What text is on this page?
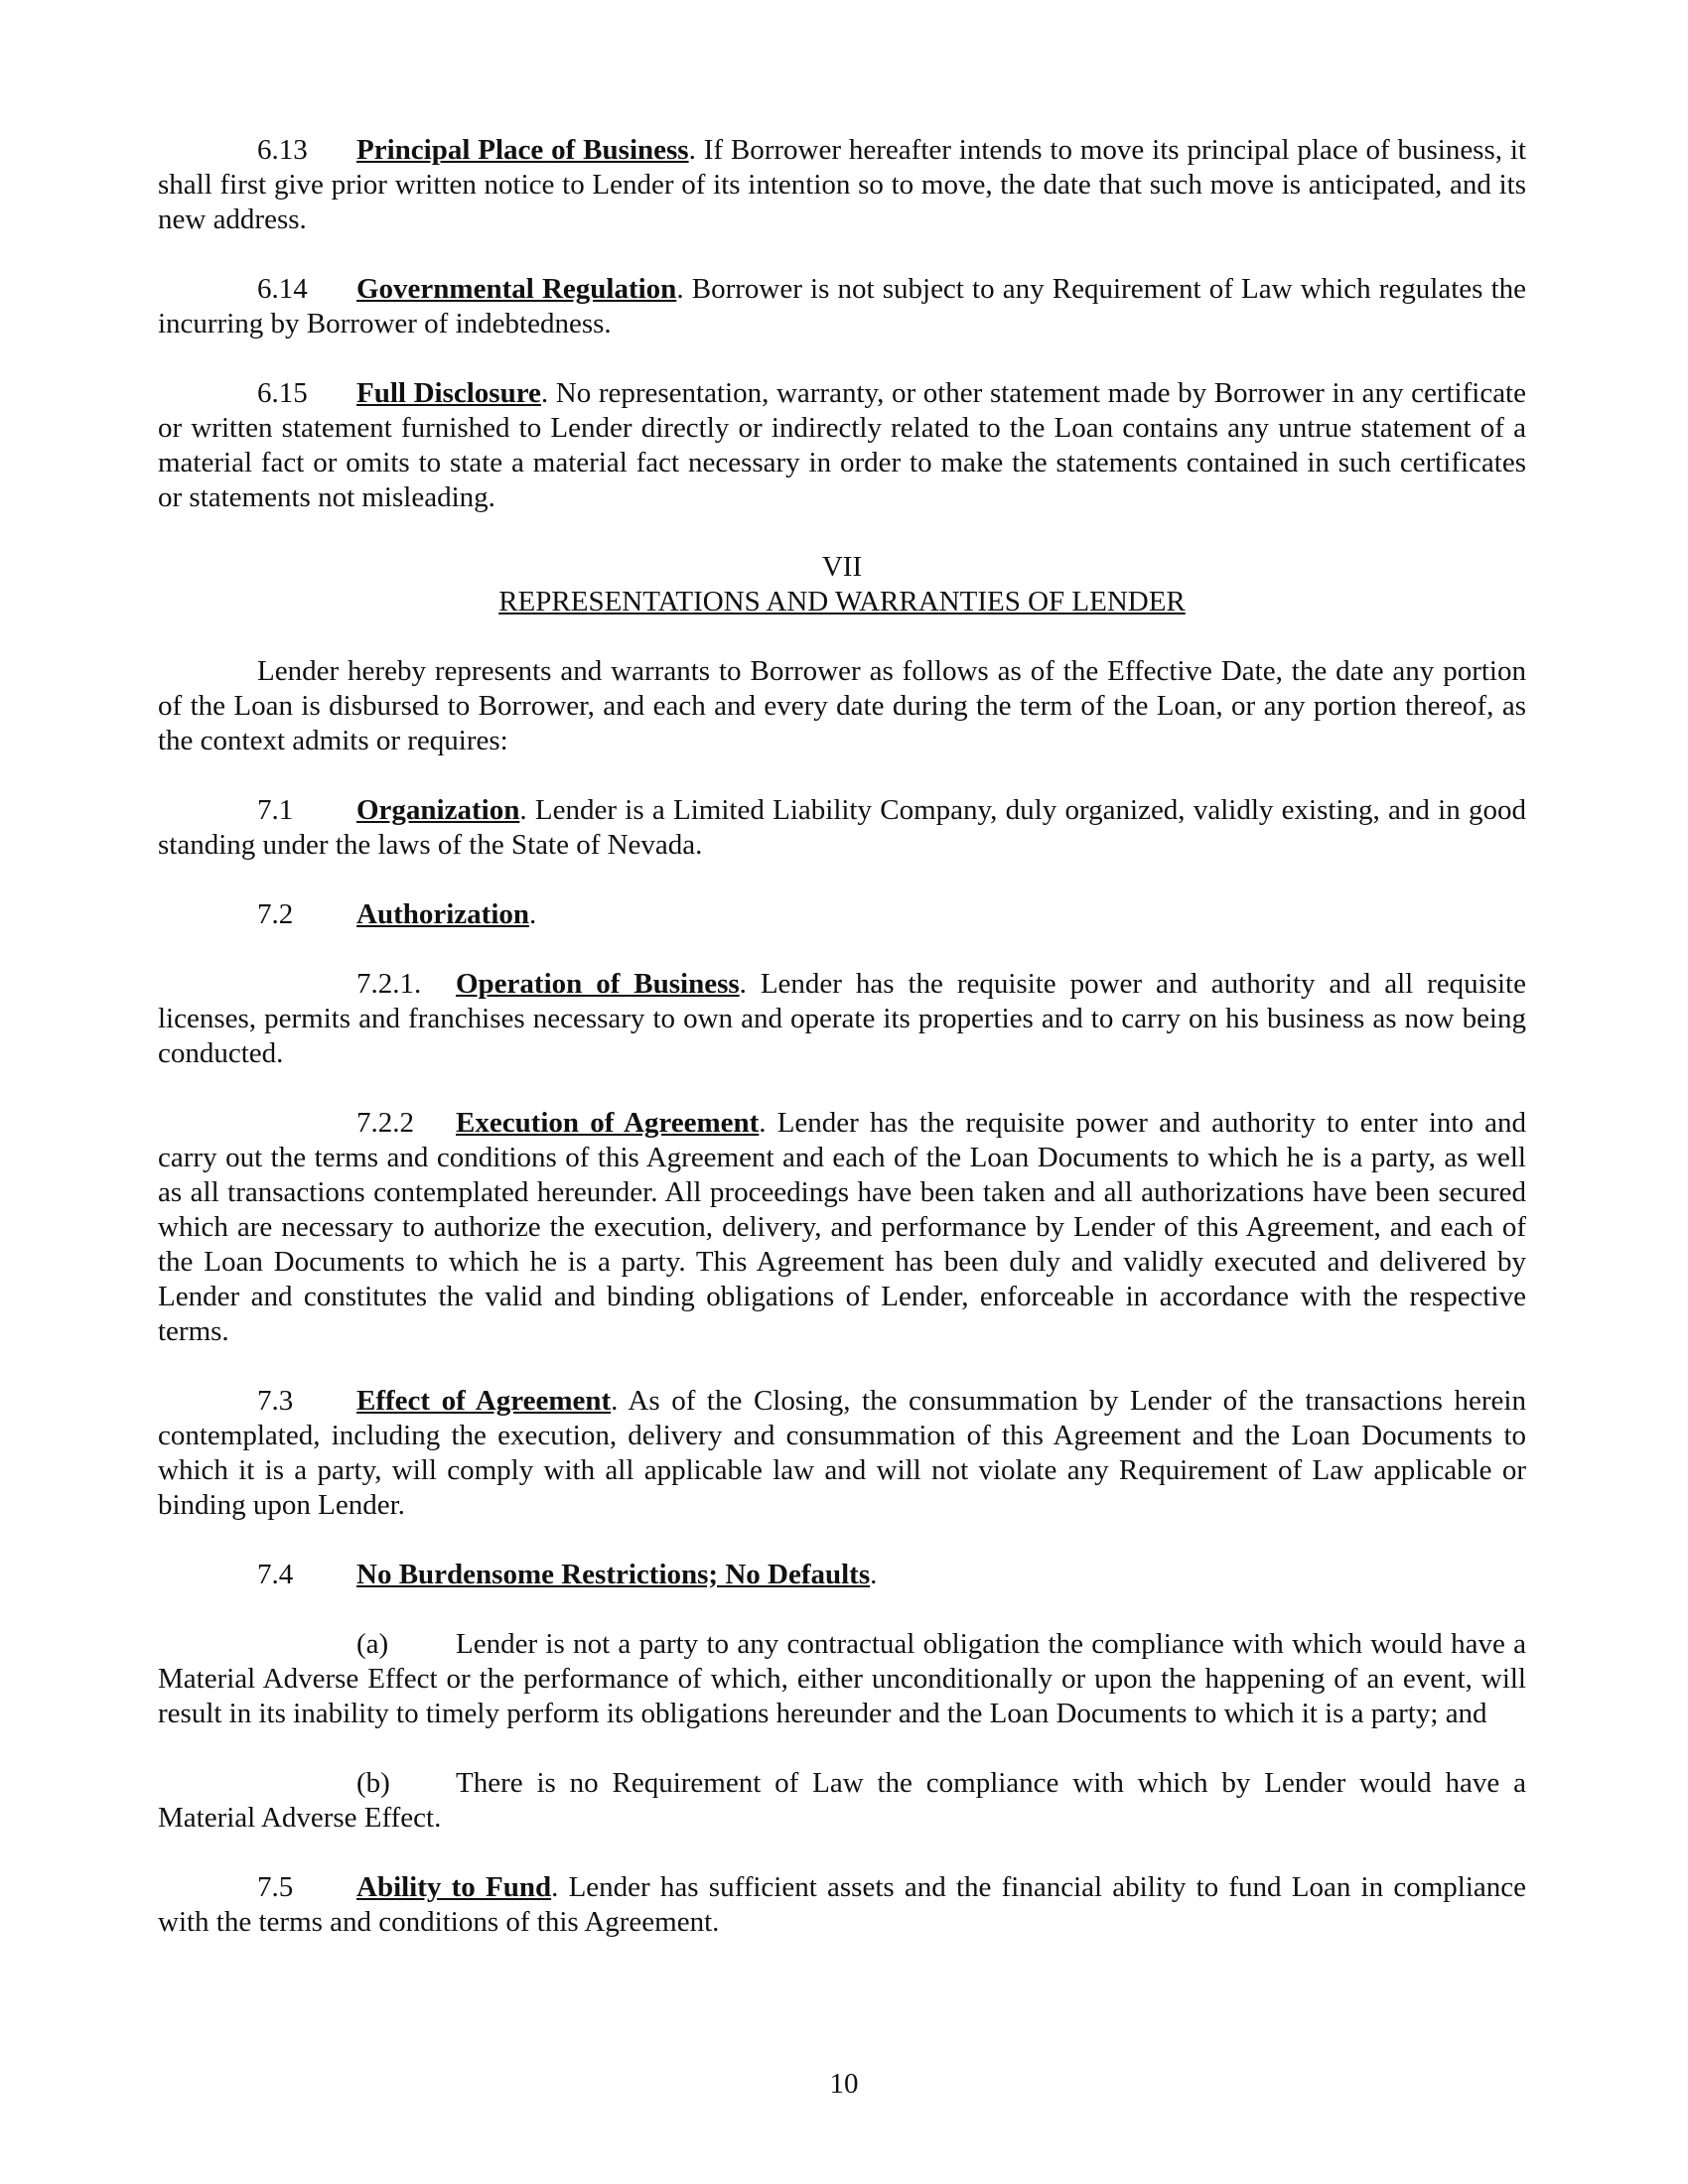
6.13 Principal Place of Business. If Borrower hereafter intends to move its principal place of business, it shall first give prior written notice to Lender of its intention so to move, the date that such move is anticipated, and its new address.

6.14 Governmental Regulation. Borrower is not subject to any Requirement of Law which regulates the incurring by Borrower of indebtedness.

6.15 Full Disclosure. No representation, warranty, or other statement made by Borrower in any certificate or written statement furnished to Lender directly or indirectly related to the Loan contains any untrue statement of a material fact or omits to state a material fact necessary in order to make the statements contained in such certificates or statements not misleading.

VII
REPRESENTATIONS AND WARRANTIES OF LENDER

Lender hereby represents and warrants to Borrower as follows as of the Effective Date, the date any portion of the Loan is disbursed to Borrower, and each and every date during the term of the Loan, or any portion thereof, as the context admits or requires:

7.1 Organization. Lender is a Limited Liability Company, duly organized, validly existing, and in good standing under the laws of the State of Nevada.

7.2 Authorization.

7.2.1. Operation of Business. Lender has the requisite power and authority and all requisite licenses, permits and franchises necessary to own and operate its properties and to carry on his business as now being conducted.

7.2.2 Execution of Agreement. Lender has the requisite power and authority to enter into and carry out the terms and conditions of this Agreement and each of the Loan Documents to which he is a party, as well as all transactions contemplated hereunder. All proceedings have been taken and all authorizations have been secured which are necessary to authorize the execution, delivery, and performance by Lender of this Agreement, and each of the Loan Documents to which he is a party. This Agreement has been duly and validly executed and delivered by Lender and constitutes the valid and binding obligations of Lender, enforceable in accordance with the respective terms.

7.3 Effect of Agreement. As of the Closing, the consummation by Lender of the transactions herein contemplated, including the execution, delivery and consummation of this Agreement and the Loan Documents to which it is a party, will comply with all applicable law and will not violate any Requirement of Law applicable or binding upon Lender.

7.4 No Burdensome Restrictions; No Defaults.

(a) Lender is not a party to any contractual obligation the compliance with which would have a Material Adverse Effect or the performance of which, either unconditionally or upon the happening of an event, will result in its inability to timely perform its obligations hereunder and the Loan Documents to which it is a party; and

(b) There is no Requirement of Law the compliance with which by Lender would have a Material Adverse Effect.

7.5 Ability to Fund. Lender has sufficient assets and the financial ability to fund Loan in compliance with the terms and conditions of this Agreement.

10
